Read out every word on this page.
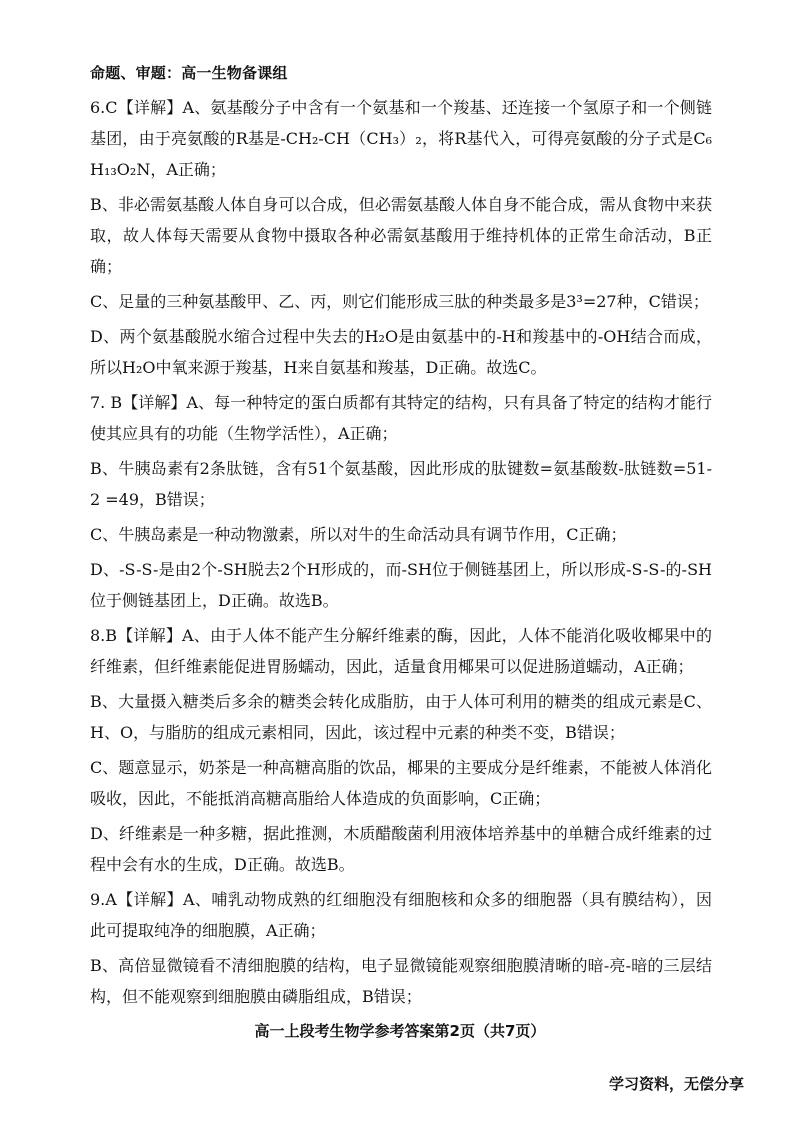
命题、审题：高一生物备课组

6.C【详解】A、氨基酸分子中含有一个氨基和一个羧基、还连接一个氢原子和一个侧链基团，由于亮氨酸的R基是-CH₂-CH（CH₃）₂，将R基代入，可得亮氨酸的分子式是C₆H₁₃O₂N，A正确；

B、非必需氨基酸人体自身可以合成，但必需氨基酸人体自身不能合成，需从食物中来获取，故人体每天需要从食物中摄取各种必需氨基酸用于维持机体的正常生命活动，B正确；

C、足量的三种氨基酸甲、乙、丙，则它们能形成三肽的种类最多是3³=27种，C错误；

D、两个氨基酸脱水缩合过程中失去的H₂O是由氨基中的-H和羧基中的-OH结合而成，所以H₂O中氧来源于羧基，H来自氨基和羧基，D正确。故选C。

7. B【详解】A、每一种特定的蛋白质都有其特定的结构，只有具备了特定的结构才能行使其应具有的功能（生物学活性），A正确；

B、牛胰岛素有2条肽链，含有51个氨基酸，因此形成的肽键数=氨基酸数-肽链数=51-2 =49，B错误；

C、牛胰岛素是一种动物激素，所以对牛的生命活动具有调节作用，C正确；

D、-S-S-是由2个-SH脱去2个H形成的，而-SH位于侧链基团上，所以形成-S-S-的-SH位于侧链基团上，D正确。故选B。

8.B【详解】A、由于人体不能产生分解纤维素的酶，因此，人体不能消化吸收椰果中的纤维素，但纤维素能促进胃肠蠕动，因此，适量食用椰果可以促进肠道蠕动，A正确；

B、大量摄入糖类后多余的糖类会转化成脂肪，由于人体可利用的糖类的组成元素是C、H、O，与脂肪的组成元素相同，因此，该过程中元素的种类不变，B错误；

C、题意显示，奶茶是一种高糖高脂的饮品，椰果的主要成分是纤维素，不能被人体消化吸收，因此，不能抵消高糖高脂给人体造成的负面影响，C正确；

D、纤维素是一种多糖，据此推测，木质醋酸菌利用液体培养基中的单糖合成纤维素的过程中会有水的生成，D正确。故选B。

9.A【详解】A、哺乳动物成熟的红细胞没有细胞核和众多的细胞器（具有膜结构），因此可提取纯净的细胞膜，A正确；

B、高倍显微镜看不清细胞膜的结构，电子显微镜能观察细胞膜清晰的暗-亮-暗的三层结构，但不能观察到细胞膜由磷脂组成，B错误；

高一上段考生物学参考答案第2页（共7页）
学习资料，无偿分享
